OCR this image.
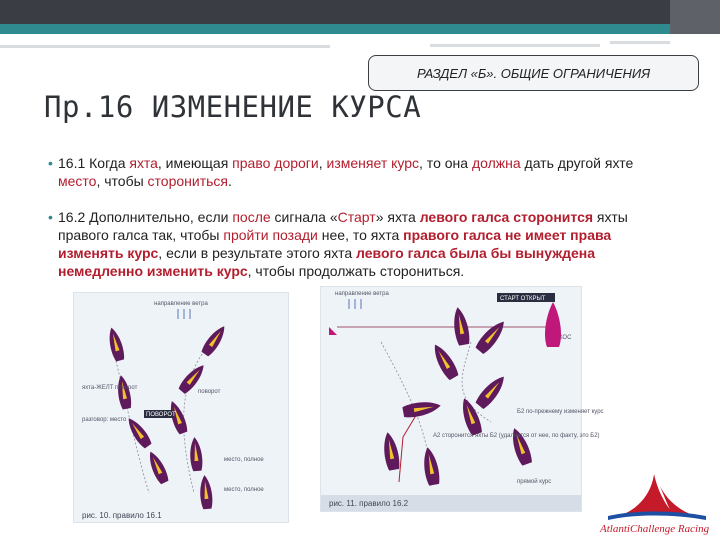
РАЗДЕЛ «Б». ОБЩИЕ ОГРАНИЧЕНИЯ
Пр.16 ИЗМЕНЕНИЕ КУРСА
• 16.1 Когда яхта, имеющая право дороги, изменяет курс, то она должна дать другой яхте место, чтобы сторониться.
• 16.2 Дополнительно, если после сигнала «Старт» яхта левого галса сторонится яхты правого галса так, чтобы пройти позади нее, то яхта правого галса не имеет права изменять курс, если в результате этого яхта левого галса была бы вынуждена немедленно изменить курс, чтобы продолжать сторониться.
направление ветра
яхта-ЖЕЛТ поворот
ПОВОРОТ
разговор: место
поворот
место, полное
место, полное
рис. 10. правило 16.1
направление ветра
СТАРТ ОТКРЫТ
КОС
Б2 по-прежнему изменяет курс
А2 сторонится яхты Б2 (удаляется от нее, по факту, это Б2)
прямой курс
рис. 11. правило 16.2
AtlantiChallenge Racing
